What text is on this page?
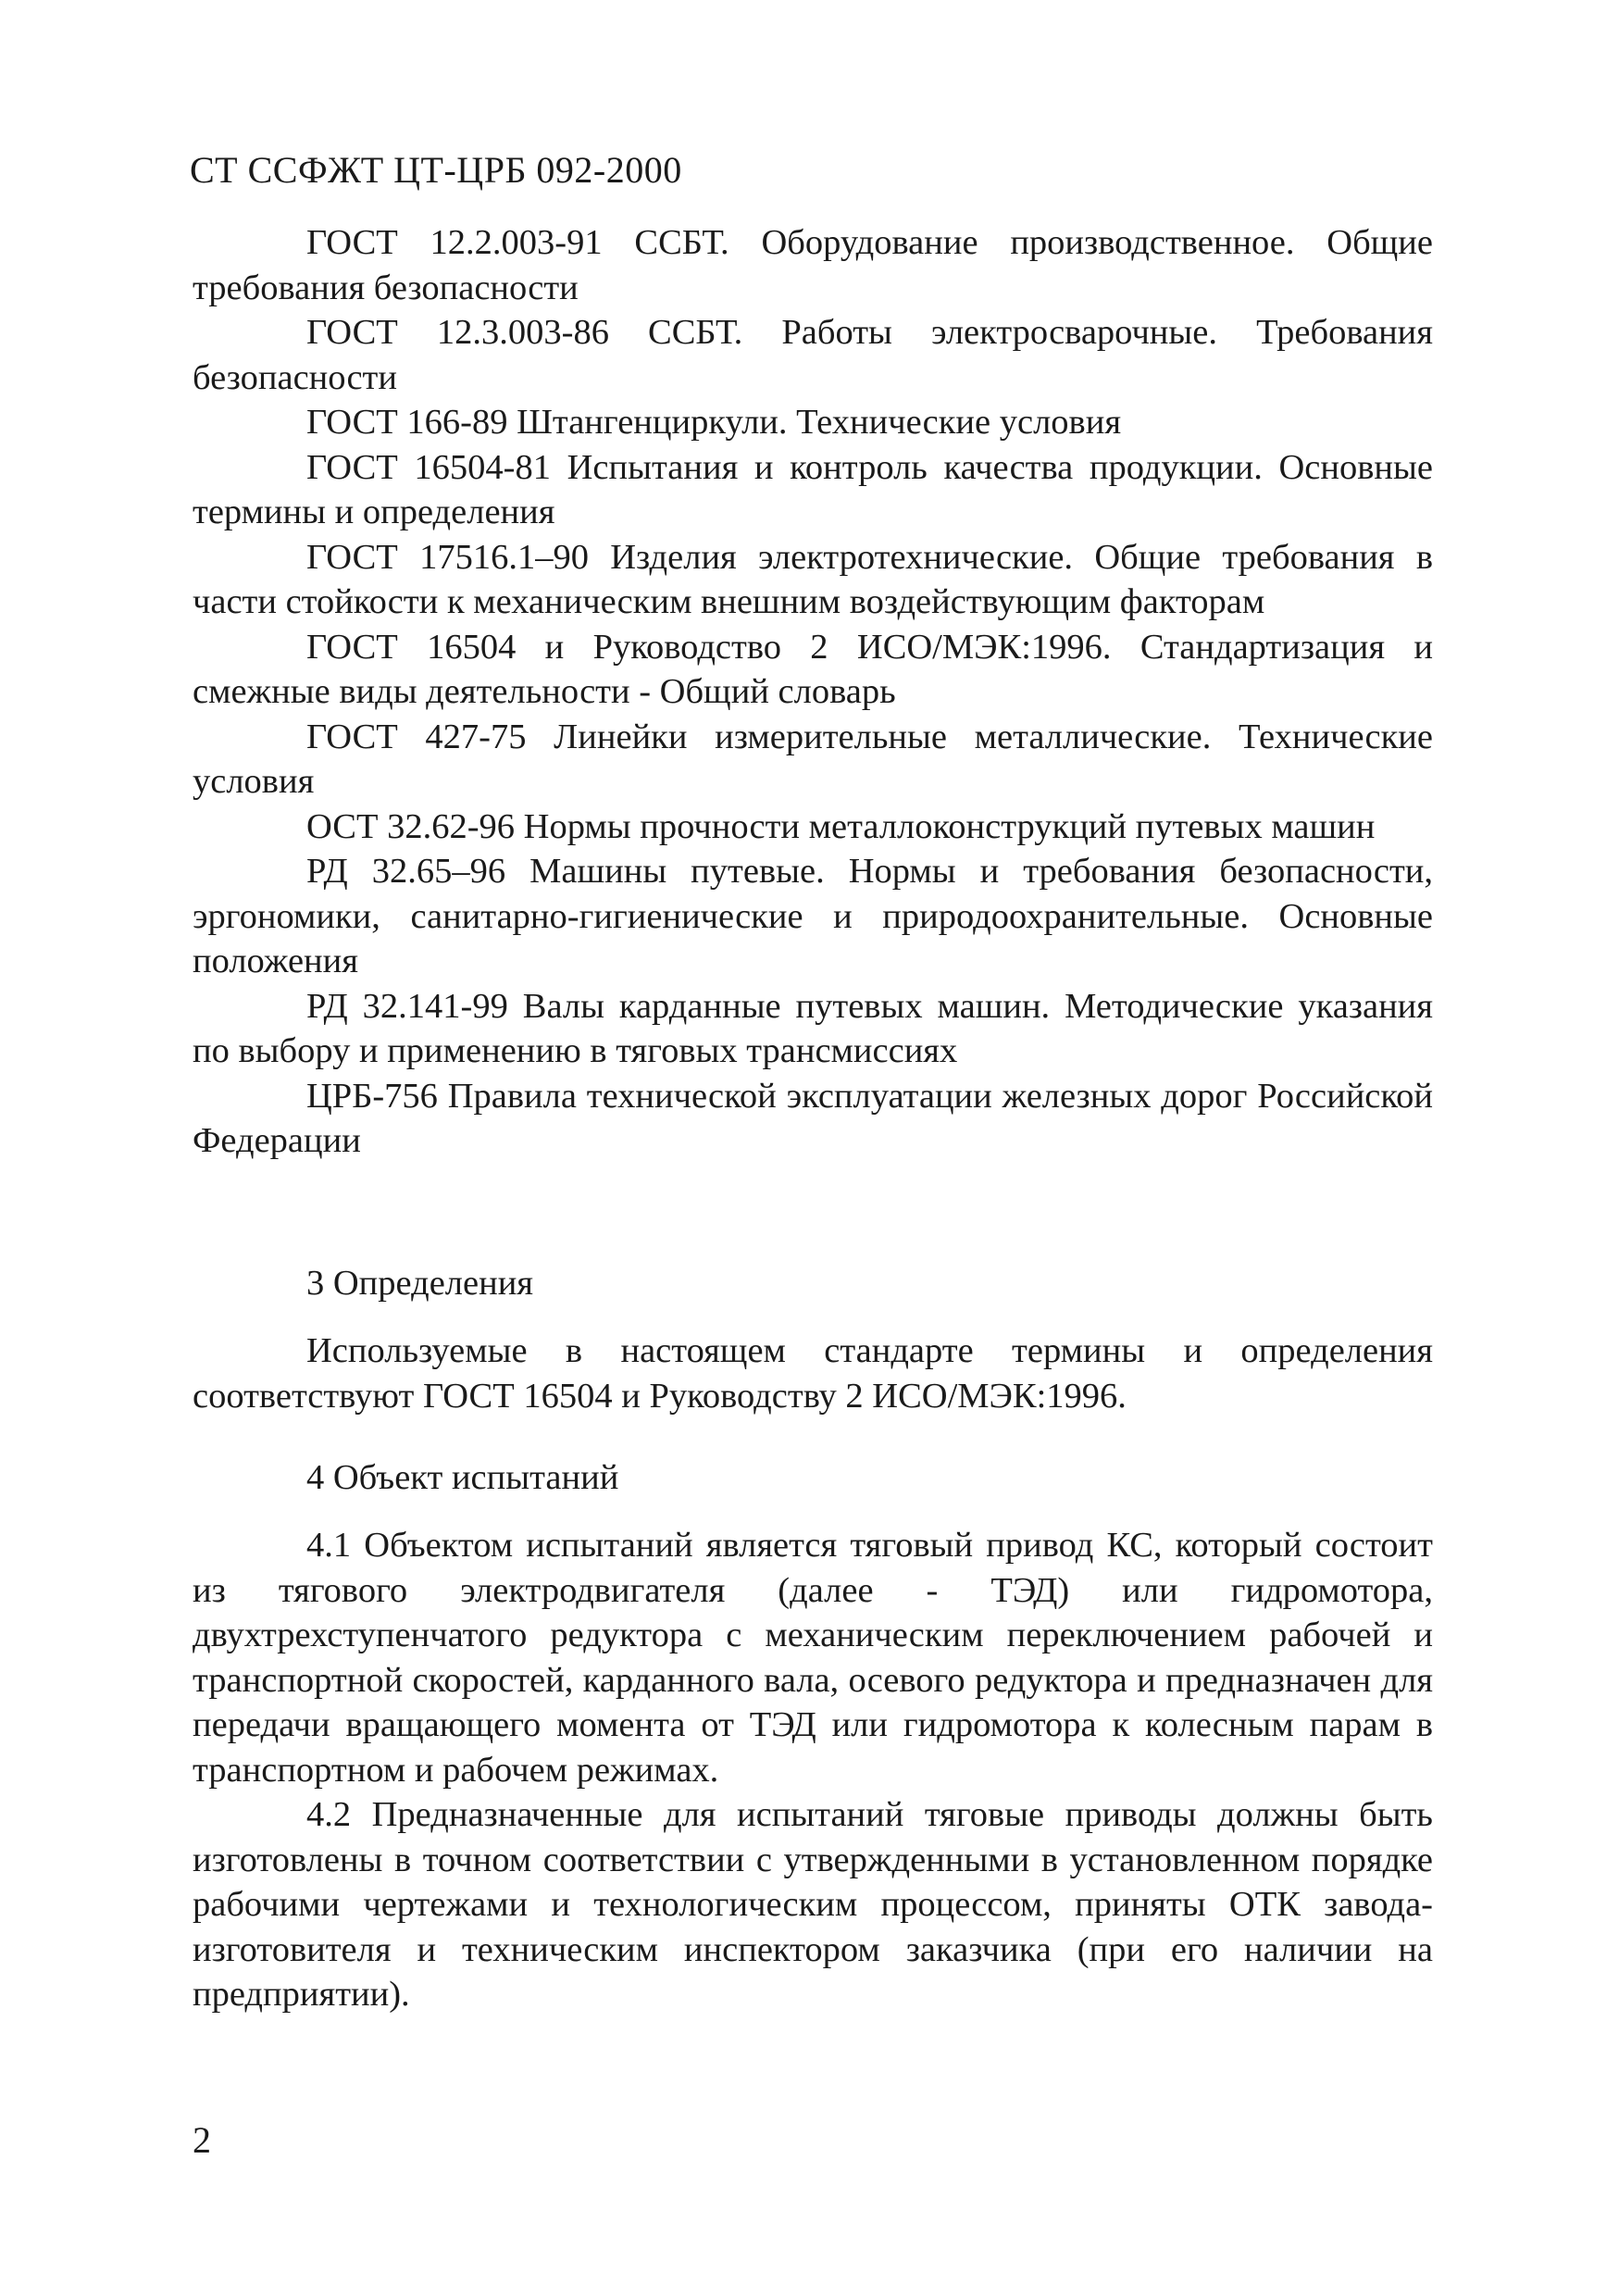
СТ ССФЖТ ЦТ-ЦРБ 092-2000

ГОСТ 12.2.003-91 ССБТ. Оборудование производственное. Общие требования безопасности

ГОСТ 12.3.003-86 ССБТ. Работы электросварочные. Требования безопасности

ГОСТ 166-89 Штангенциркули. Технические условия

ГОСТ 16504-81 Испытания и контроль качества продукции. Основные термины и определения

ГОСТ 17516.1–90 Изделия электротехнические. Общие требования в части стойкости к механическим внешним воздействующим факторам

ГОСТ 16504 и Руководство 2 ИСО/МЭК:1996. Стандартизация и смежные виды деятельности - Общий словарь

ГОСТ 427-75 Линейки измерительные металлические. Технические условия

ОСТ 32.62-96 Нормы прочности металлоконструкций путевых машин

РД 32.65–96 Машины путевые. Нормы и требования безопасности, эргономики, санитарно-гигиенические и природоохранительные. Основные положения

РД 32.141-99 Валы карданные путевых машин. Методические указания по выбору и применению в тяговых трансмиссиях

ЦРБ-756 Правила технической эксплуатации железных дорог Российской Федерации

3 Определения

Используемые в настоящем стандарте термины и определения соответствуют ГОСТ 16504 и Руководству 2 ИСО/МЭК:1996.

4 Объект испытаний

4.1 Объектом испытаний является тяговый привод КС, который состоит из тягового электродвигателя (далее - ТЭД) или гидромотора, двухтрехступенчатого редуктора с механическим переключением рабочей и транспортной скоростей, карданного вала, осевого редуктора и предназначен для передачи вращающего момента от ТЭД или гидромотора к колесным парам в транспортном и рабочем режимах.

4.2 Предназначенные для испытаний тяговые приводы должны быть изготовлены в точном соответствии с утвержденными в установленном порядке рабочими чертежами и технологическим процессом, приняты ОТК завода-изготовителя и техническим инспектором заказчика (при его наличии на предприятии).

2
